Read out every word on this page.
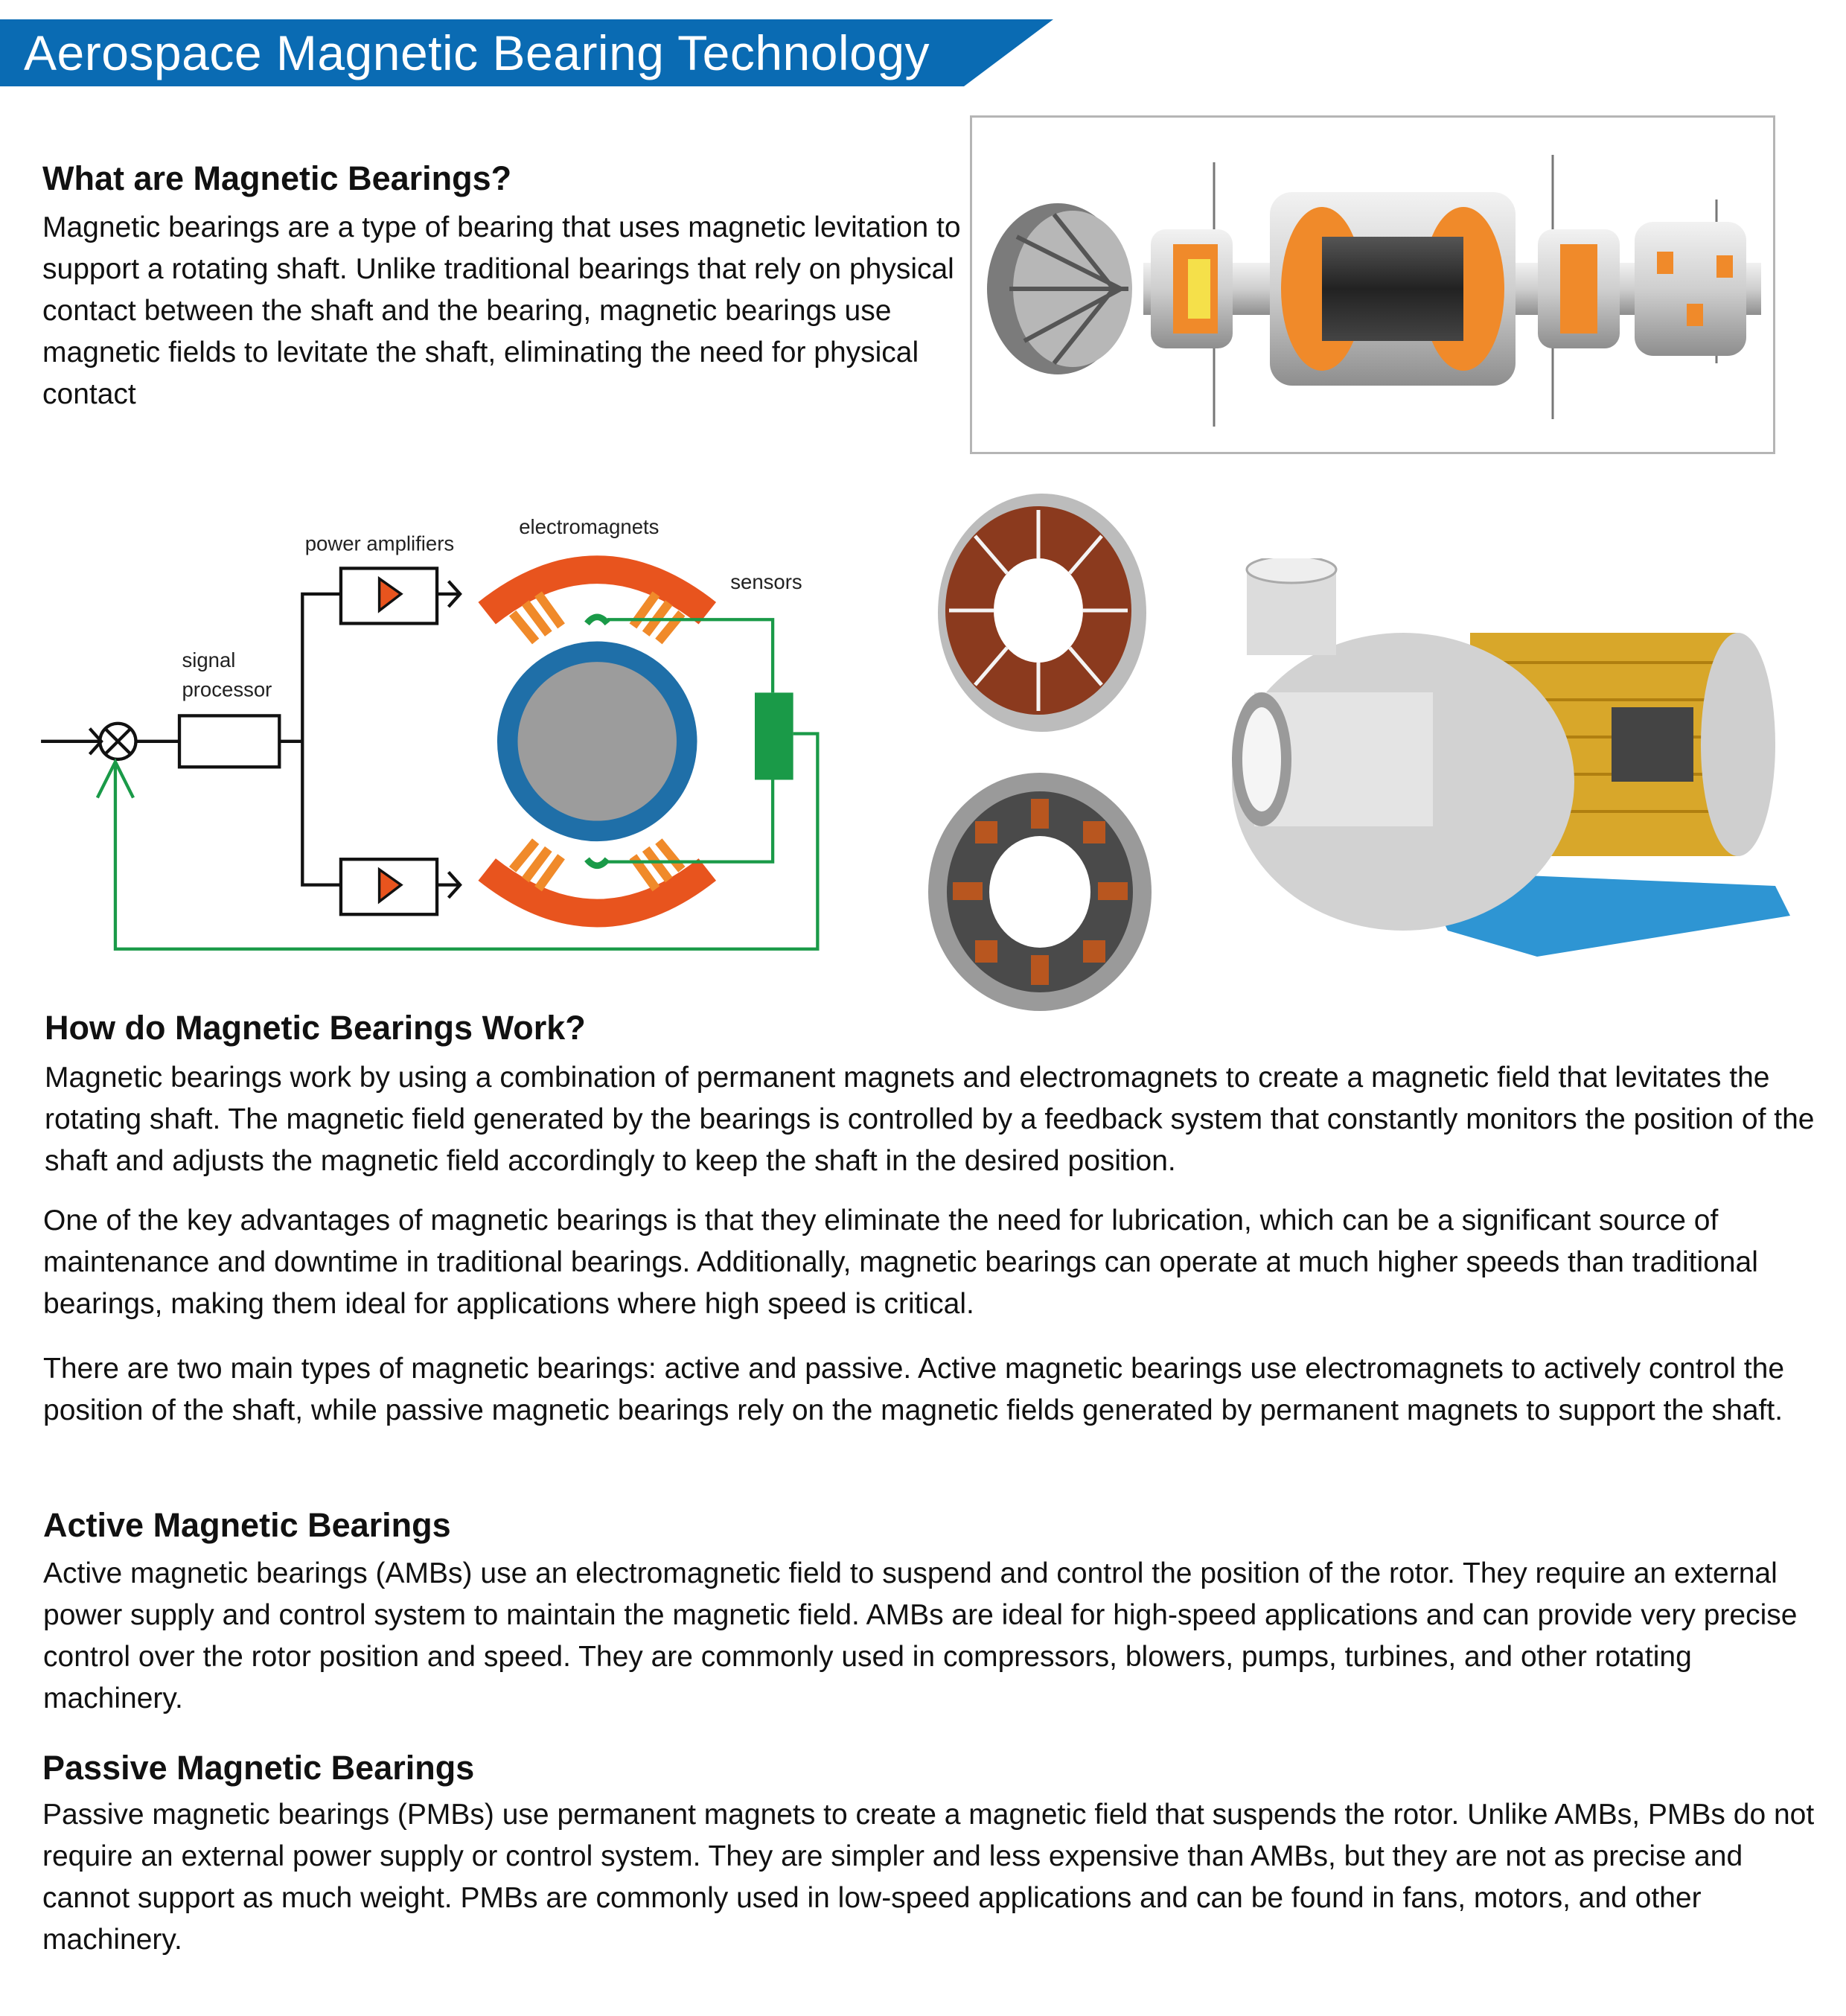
Aerospace Magnetic Bearing Technology
What are Magnetic Bearings?

Magnetic bearings are a type of bearing that uses magnetic levitation to support a rotating shaft. Unlike traditional bearings that rely on physical contact between the shaft and the bearing, magnetic bearings use magnetic fields to levitate the shaft, eliminating the need for physical contact

power amplifiers
electromagnets
sensors
signal
processor
How do Magnetic Bearings Work?

Magnetic bearings work by using a combination of permanent magnets and electromagnets to create a magnetic field that levitates the rotating shaft. The magnetic field generated by the bearings is controlled by a feedback system that constantly monitors the position of the shaft and adjusts the magnetic field accordingly to keep the shaft in the desired position.

One of the key advantages of magnetic bearings is that they eliminate the need for lubrication, which can be a significant source of maintenance and downtime in traditional bearings. Additionally, magnetic bearings can operate at much higher speeds than traditional bearings, making them ideal for applications where high speed is critical.

There are two main types of magnetic bearings: active and passive. Active magnetic bearings use electromagnets to actively control the position of the shaft, while passive magnetic bearings rely on the magnetic fields generated by permanent magnets to support the shaft.

Active Magnetic Bearings

Active magnetic bearings (AMBs) use an electromagnetic field to suspend and control the position of the rotor. They require an external power supply and control system to maintain the magnetic field. AMBs are ideal for high-speed applications and can provide very precise control over the rotor position and speed. They are commonly used in compressors, blowers, pumps, turbines, and other rotating machinery.

Passive Magnetic Bearings

Passive magnetic bearings (PMBs) use permanent magnets to create a magnetic field that suspends the rotor. Unlike AMBs, PMBs do not require an external power supply or control system. They are simpler and less expensive than AMBs, but they are not as precise and cannot support as much weight. PMBs are commonly used in low-speed applications and can be found in fans, motors, and other machinery.
